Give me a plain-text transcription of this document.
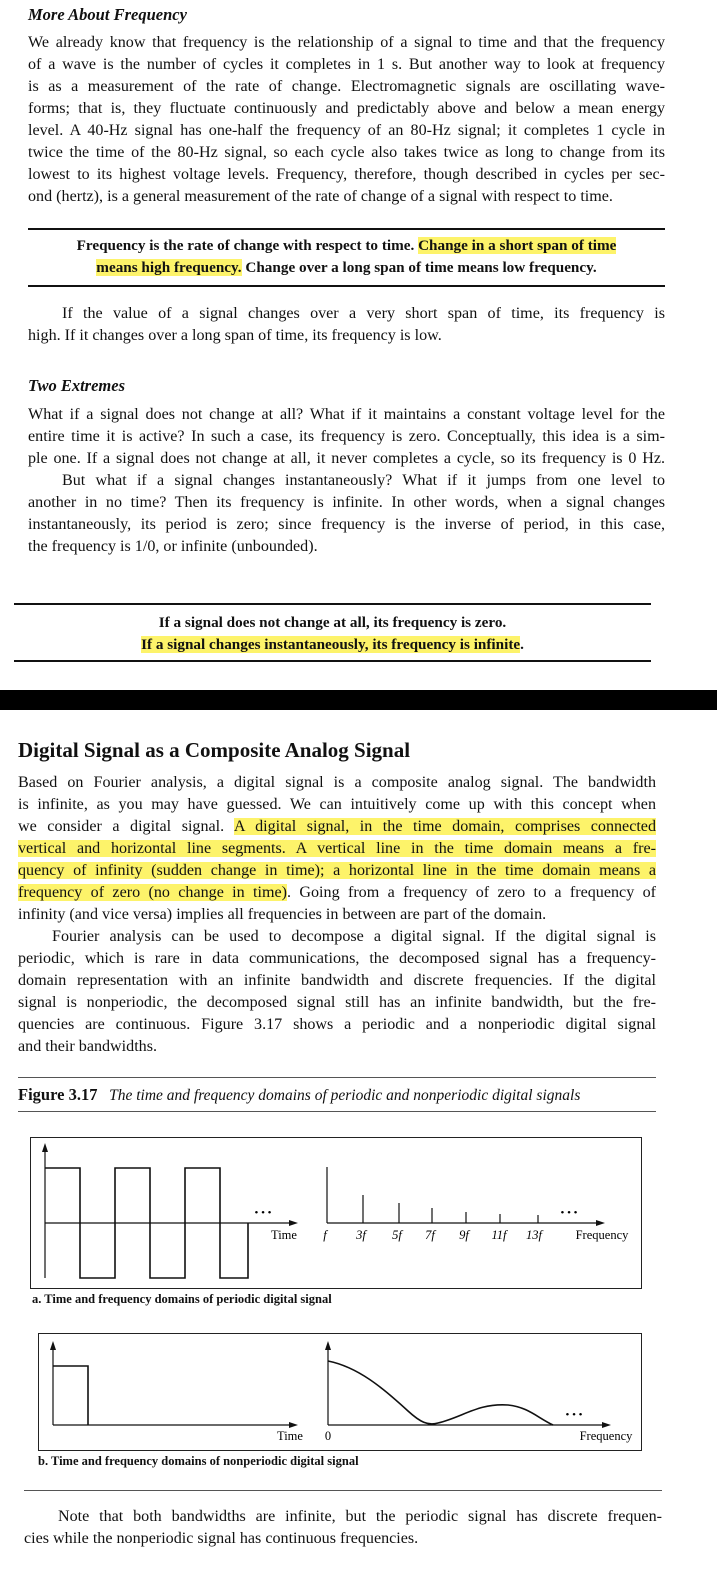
More About Frequency
We already know that frequency is the relationship of a signal to time and that the frequency
of a wave is the number of cycles it completes in 1 s. But another way to look at frequency
is as a measurement of the rate of change. Electromagnetic signals are oscillating wave-
forms; that is, they fluctuate continuously and predictably above and below a mean energy
level. A 40-Hz signal has one-half the frequency of an 80-Hz signal; it completes 1 cycle in
twice the time of the 80-Hz signal, so each cycle also takes twice as long to change from its
lowest to its highest voltage levels. Frequency, therefore, though described in cycles per sec-
ond (hertz), is a general measurement of the rate of change of a signal with respect to time.
Frequency is the rate of change with respect to time. Change in a short span of time
means high frequency. Change over a long span of time means low frequency.
If the value of a signal changes over a very short span of time, its frequency is
high. If it changes over a long span of time, its frequency is low.
Two Extremes
What if a signal does not change at all? What if it maintains a constant voltage level for the
entire time it is active? In such a case, its frequency is zero. Conceptually, this idea is a sim-
ple one. If a signal does not change at all, it never completes a cycle, so its frequency is 0 Hz.
But what if a signal changes instantaneously? What if it jumps from one level to
another in no time? Then its frequency is infinite. In other words, when a signal changes
instantaneously, its period is zero; since frequency is the inverse of period, in this case,
the frequency is 1/0, or infinite (unbounded).
If a signal does not change at all, its frequency is zero.
If a signal changes instantaneously, its frequency is infinite.
Digital Signal as a Composite Analog Signal
Based on Fourier analysis, a digital signal is a composite analog signal. The bandwidth
is infinite, as you may have guessed. We can intuitively come up with this concept when
we consider a digital signal. A digital signal, in the time domain, comprises connected
vertical and horizontal line segments. A vertical line in the time domain means a fre-
quency of infinity (sudden change in time); a horizontal line in the time domain means a
frequency of zero (no change in time). Going from a frequency of zero to a frequency of
infinity (and vice versa) implies all frequencies in between are part of the domain.
Fourier analysis can be used to decompose a digital signal. If the digital signal is
periodic, which is rare in data communications, the decomposed signal has a frequency-
domain representation with an infinite bandwidth and discrete frequencies. If the digital
signal is nonperiodic, the decomposed signal still has an infinite bandwidth, but the fre-
quencies are continuous. Figure 3.17 shows a periodic and a nonperiodic digital signal
and their bandwidths.
Figure 3.17 The time and frequency domains of periodic and nonperiodic digital signals
• • •
Time
• • •
f 3f 5f 7f 9f 11f 13f	Frequency
a. Time and frequency domains of periodic digital signal
Time
• • •
0	Frequency
b. Time and frequency domains of nonperiodic digital signal
Note that both bandwidths are infinite, but the periodic signal has discrete frequen-
cies while the nonperiodic signal has continuous frequencies.
